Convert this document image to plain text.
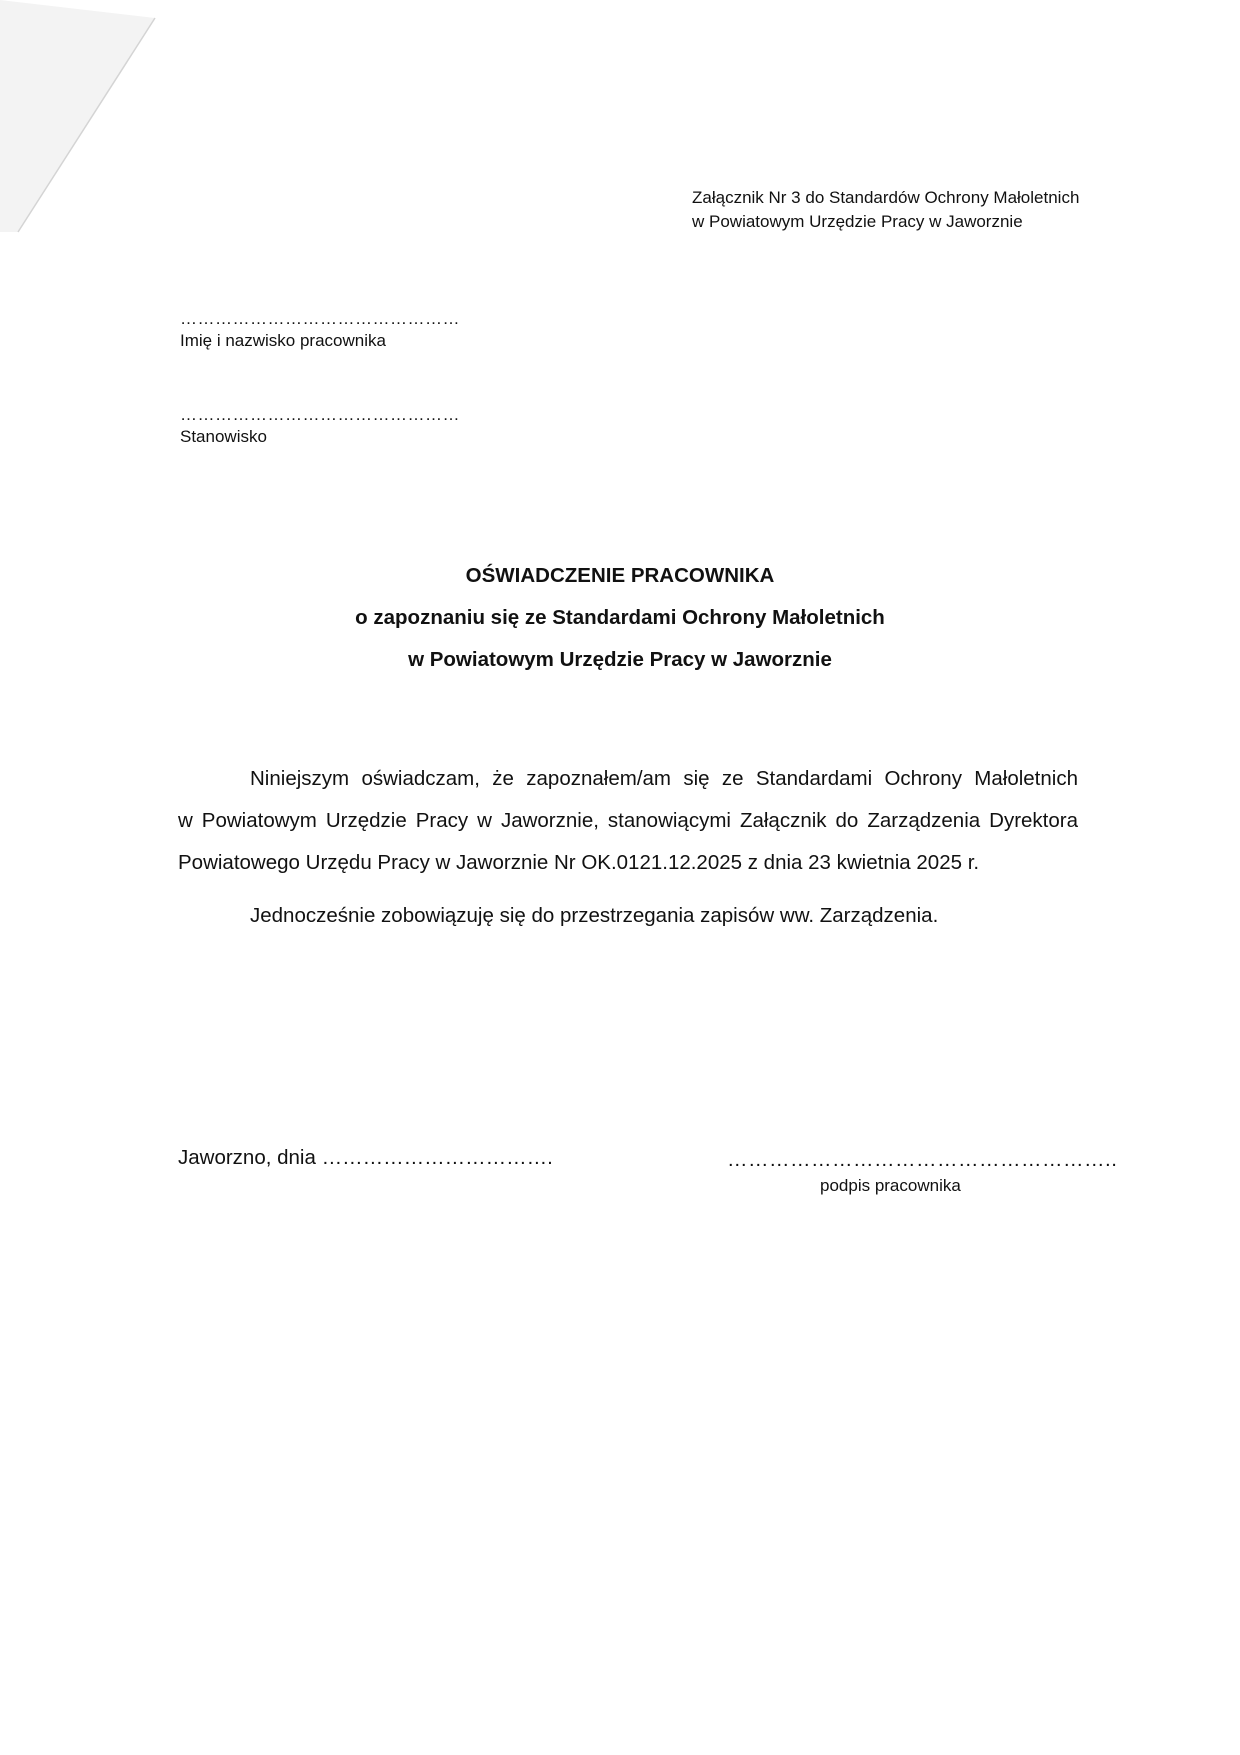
Załącznik Nr 3 do Standardów Ochrony Małoletnich
w Powiatowym Urzędzie Pracy w Jaworznie
…………………………………………
Imię i nazwisko pracownika
…………………………………………
Stanowisko
OŚWIADCZENIE PRACOWNIKA
o zapoznaniu się ze Standardami Ochrony Małoletnich
w Powiatowym Urzędzie Pracy w Jaworznie
Niniejszym oświadczam, że zapoznałem/am się ze Standardami Ochrony Małoletnich
w Powiatowym Urzędzie Pracy w Jaworznie, stanowiącymi Załącznik do Zarządzenia Dyrektora
Powiatowego Urzędu Pracy w Jaworznie Nr OK.0121.12.2025 z dnia 23 kwietnia 2025 r.
Jednocześnie zobowiązuję się do przestrzegania zapisów ww. Zarządzenia.
Jaworzno, dnia …………………………….	………………………………………………..
podpis pracownika
